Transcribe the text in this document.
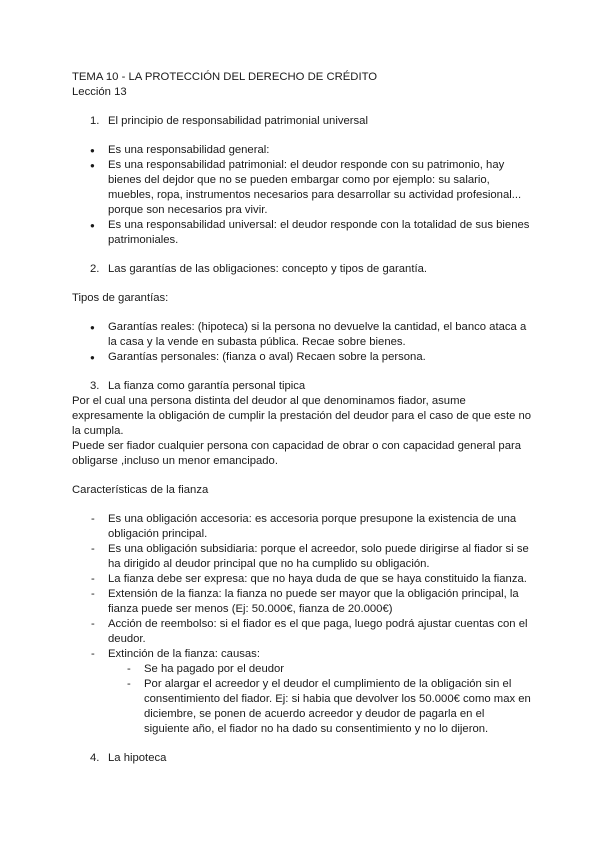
TEMA 10 - LA PROTECCIÓN DEL DERECHO DE CRÉDITO

Lección 13

1. El principio de responsabilidad patrimonial universal
● Es una responsabilidad general:
● Es una responsabilidad patrimonial: el deudor responde con su patrimonio, hay bienes del dejdor que no se pueden embargar como por ejemplo: su salario, muebles, ropa, instrumentos necesarios para desarrollar su actividad profesional... porque son necesarios pra vivir.
● Es una responsabilidad universal: el deudor responde con la totalidad de sus bienes patrimoniales.
2. Las garantías de las obligaciones: concepto y tipos de garantía.

Tipos de garantías:

● Garantías reales: (hipoteca) si la persona no devuelve la cantidad, el banco ataca a la casa y la vende en subasta pública. Recae sobre bienes.
● Garantías personales: (fianza o aval) Recaen sobre la persona.
3. La fianza como garantía personal tipica

Por el cual una persona distinta del deudor al que denominamos fiador, asume expresamente la obligación de cumplir la prestación del deudor para el caso de que este no la cumpla.

Puede ser fiador cualquier persona con capacidad de obrar o con capacidad general para obligarse ,incluso un menor emancipado.

Características de la fianza

- Es una obligación accesoria: es accesoria porque presupone la existencia de una obligación principal.
- Es una obligación subsidiaria: porque el acreedor, solo puede dirigirse al fiador si se ha dirigido al deudor principal que no ha cumplido su obligación.
- La fianza debe ser expresa: que no haya duda de que se haya constituido la fianza.
- Extensión de la fianza: la fianza no puede ser mayor que la obligación principal, la fianza puede ser menos (Ej: 50.000€, fianza de 20.000€)
- Acción de reembolso: si el fiador es el que paga, luego podrá ajustar cuentas con el deudor.
- Extinción de la fianza: causas:
- Se ha pagado por el deudor
- Por alargar el acreedor y el deudor el cumplimiento de la obligación sin el consentimiento del fiador. Ej: si habia que devolver los 50.000€ como max en diciembre, se ponen de acuerdo acreedor y deudor de pagarla en el siguiente año, el fiador no ha dado su consentimiento y no lo dijeron.
4. La hipoteca
